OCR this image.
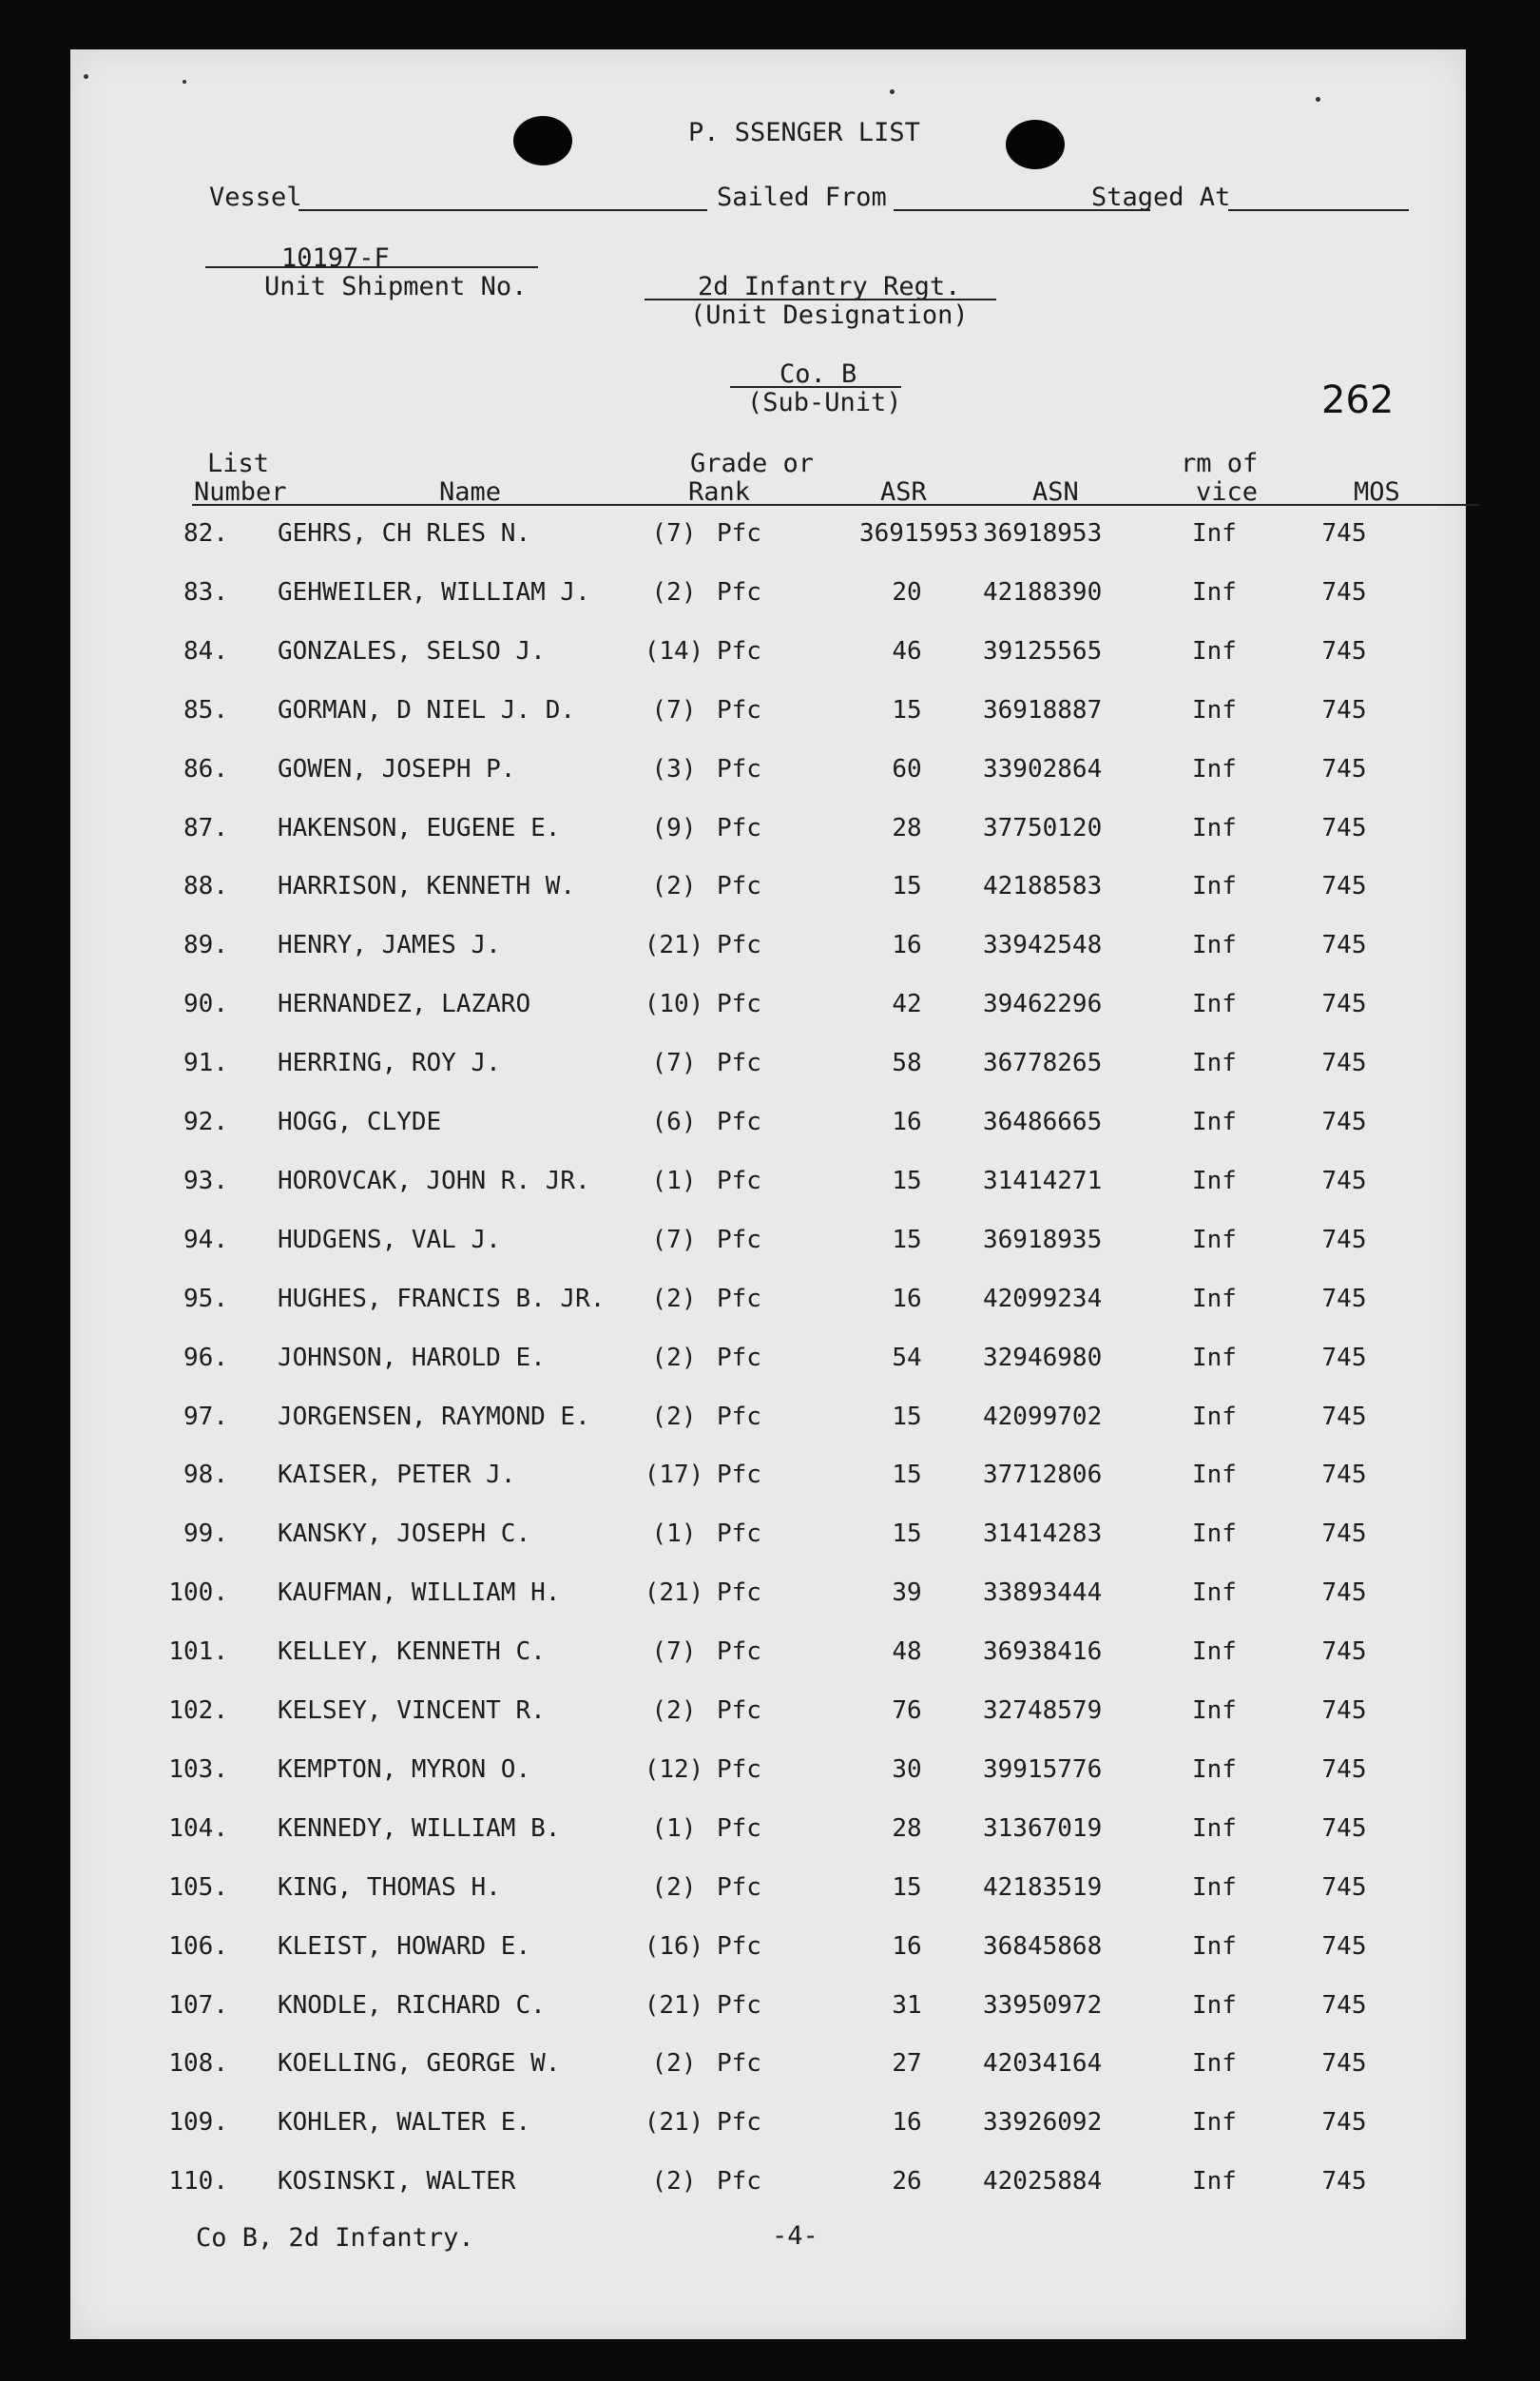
P. SSENGER LIST
Vessel	Sailed From	Staged At
10197-F
Unit Shipment No.	2d Infantry Regt.
(Unit Designation)
Co. B
(Sub-Unit)	262
List
Number	Name
Grade or
Rank	ASR	ASN
rm of
vice	MOS
82. GEHRS, CH RLES N.	(7) Pfc	36915953 36918953	Inf	745
83. GEHWEILER, WILLIAM J.	(2) Pfc	20	42188390	Inf	745
84. GONZALES, SELSO J.	(14) Pfc	46	39125565	Inf	745
85. GORMAN, D NIEL J. D.	(7) Pfc	15	36918887	Inf	745
86. GOWEN, JOSEPH P.	(3) Pfc	60	33902864	Inf	745
87. HAKENSON, EUGENE E.	(9) Pfc	28	37750120	Inf	745
88. HARRISON, KENNETH W.	(2) Pfc	15	42188583	Inf	745
89. HENRY, JAMES J.	(21) Pfc	16	33942548	Inf	745
90. HERNANDEZ, LAZARO	(10) Pfc	42	39462296	Inf	745
91. HERRING, ROY J.	(7) Pfc	58	36778265	Inf	745
92. HOGG, CLYDE	(6) Pfc	16	36486665	Inf	745
93. HOROVCAK, JOHN R. JR.	(1) Pfc	15	31414271	Inf	745
94. HUDGENS, VAL J.	(7) Pfc	15	36918935	Inf	745
95. HUGHES, FRANCIS B. JR.	(2) Pfc	16	42099234	Inf	745
96. JOHNSON, HAROLD E.	(2) Pfc	54	32946980	Inf	745
97. JORGENSEN, RAYMOND E.	(2) Pfc	15	42099702	Inf	745
98. KAISER, PETER J.	(17) Pfc	15	37712806	Inf	745
99. KANSKY, JOSEPH C.	(1) Pfc	15	31414283	Inf	745
100. KAUFMAN, WILLIAM H.	(21) Pfc	39	33893444	Inf	745
101. KELLEY, KENNETH C.	(7) Pfc	48	36938416	Inf	745
102. KELSEY, VINCENT R.	(2) Pfc	76	32748579	Inf	745
103. KEMPTON, MYRON O.	(12) Pfc	30	39915776	Inf	745
104. KENNEDY, WILLIAM B.	(1) Pfc	28	31367019	Inf	745
105. KING, THOMAS H.	(2) Pfc	15	42183519	Inf	745
106. KLEIST, HOWARD E.	(16) Pfc	16	36845868	Inf	745
107. KNODLE, RICHARD C.	(21) Pfc	31	33950972	Inf	745
108. KOELLING, GEORGE W.	(2) Pfc	27	42034164	Inf	745
109. KOHLER, WALTER E.	(21) Pfc	16	33926092	Inf	745
110. KOSINSKI, WALTER	(2) Pfc	26	42025884	Inf	745
Co B, 2d Infantry.	-4-
